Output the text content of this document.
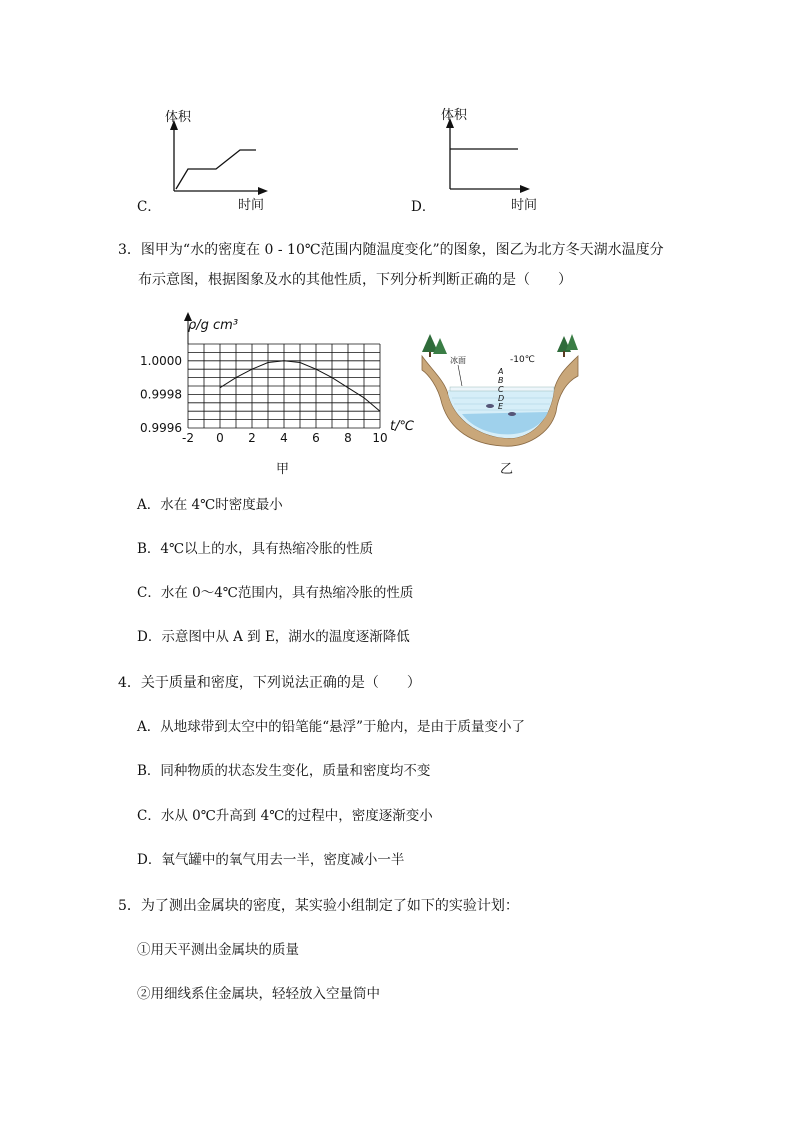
体积
时间
C．
体积
时间
D．
3．图甲为“水的密度在 0 - 10℃范围内随温度变化”的图象，图乙为北方冬天湖水温度分
布示意图，根据图象及水的其他性质，下列分析判断正确的是（　　）
-2 0 2 4 6 8 10
1.0000
0.9998
0.9996
ρ/g cm³
t/℃
甲
冰面	-10℃
A
B
C
D
E
乙
A．水在 4℃时密度最小
B．4℃以上的水，具有热缩冷胀的性质
C．水在 0～4℃范围内，具有热缩冷胀的性质
D．示意图中从 A 到 E，湖水的温度逐渐降低
4．关于质量和密度，下列说法正确的是（　　）
A．从地球带到太空中的铅笔能“悬浮”于舱内，是由于质量变小了
B．同种物质的状态发生变化，质量和密度均不变
C．水从 0℃升高到 4℃的过程中，密度逐渐变小
D．氧气罐中的氧气用去一半，密度减小一半
5．为了测出金属块的密度，某实验小组制定了如下的实验计划：
①用天平测出金属块的质量
②用细线系住金属块，轻轻放入空量筒中
